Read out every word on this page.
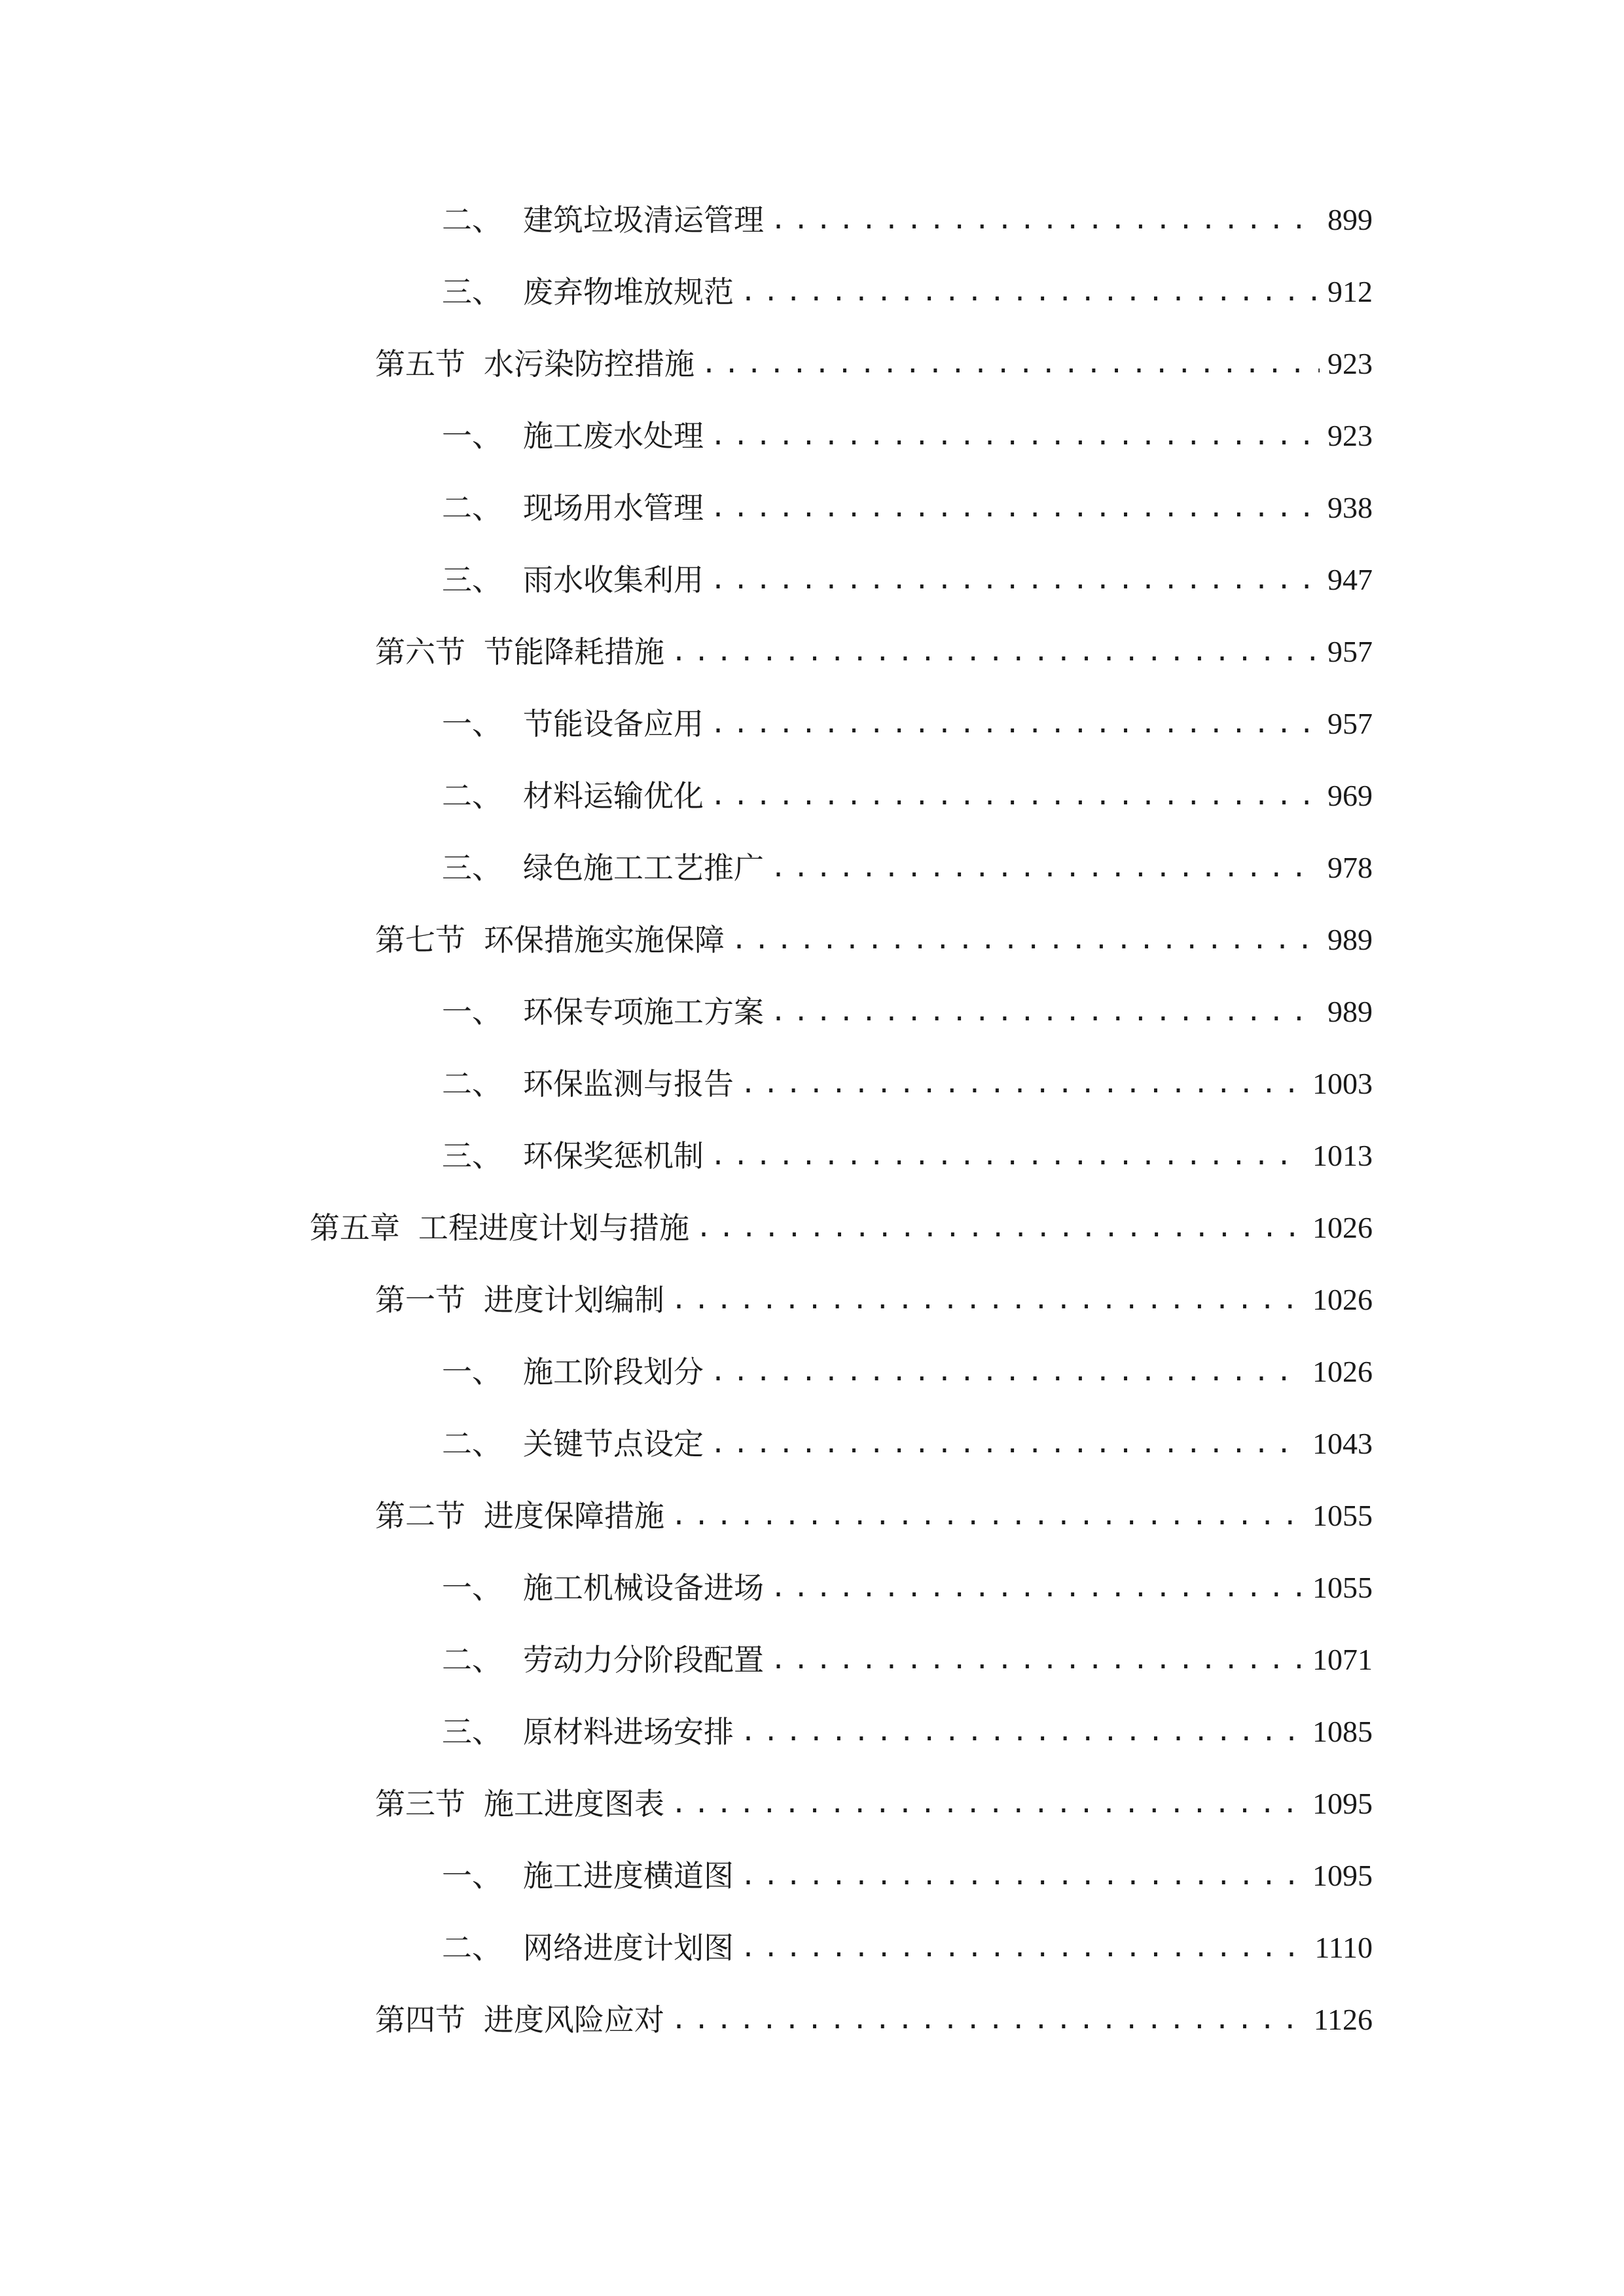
二、 建筑垃圾清运管理 .....	899
三、 废弃物堆放规范 .....	912
第五节 水污染防控措施 .....	923
一、 施工废水处理 .....	923
二、 现场用水管理 .....	938
三、 雨水收集利用 .....	947
第六节 节能降耗措施 .....	957
一、 节能设备应用 .....	957
二、 材料运输优化 .....	969
三、 绿色施工工艺推广 .....	978
第七节 环保措施实施保障 .....	989
一、 环保专项施工方案 .....	989
二、 环保监测与报告 .....	1003
三、 环保奖惩机制 .....	1013
第五章 工程进度计划与措施 .....	1026
第一节 进度计划编制 .....	1026
一、 施工阶段划分 .....	1026
二、 关键节点设定 .....	1043
第二节 进度保障措施 .....	1055
一、 施工机械设备进场 .....	1055
二、 劳动力分阶段配置 .....	1071
三、 原材料进场安排 .....	1085
第三节 施工进度图表 .....	1095
一、 施工进度横道图 .....	1095
二、 网络进度计划图 .....	1110
第四节 进度风险应对 .....	1126
